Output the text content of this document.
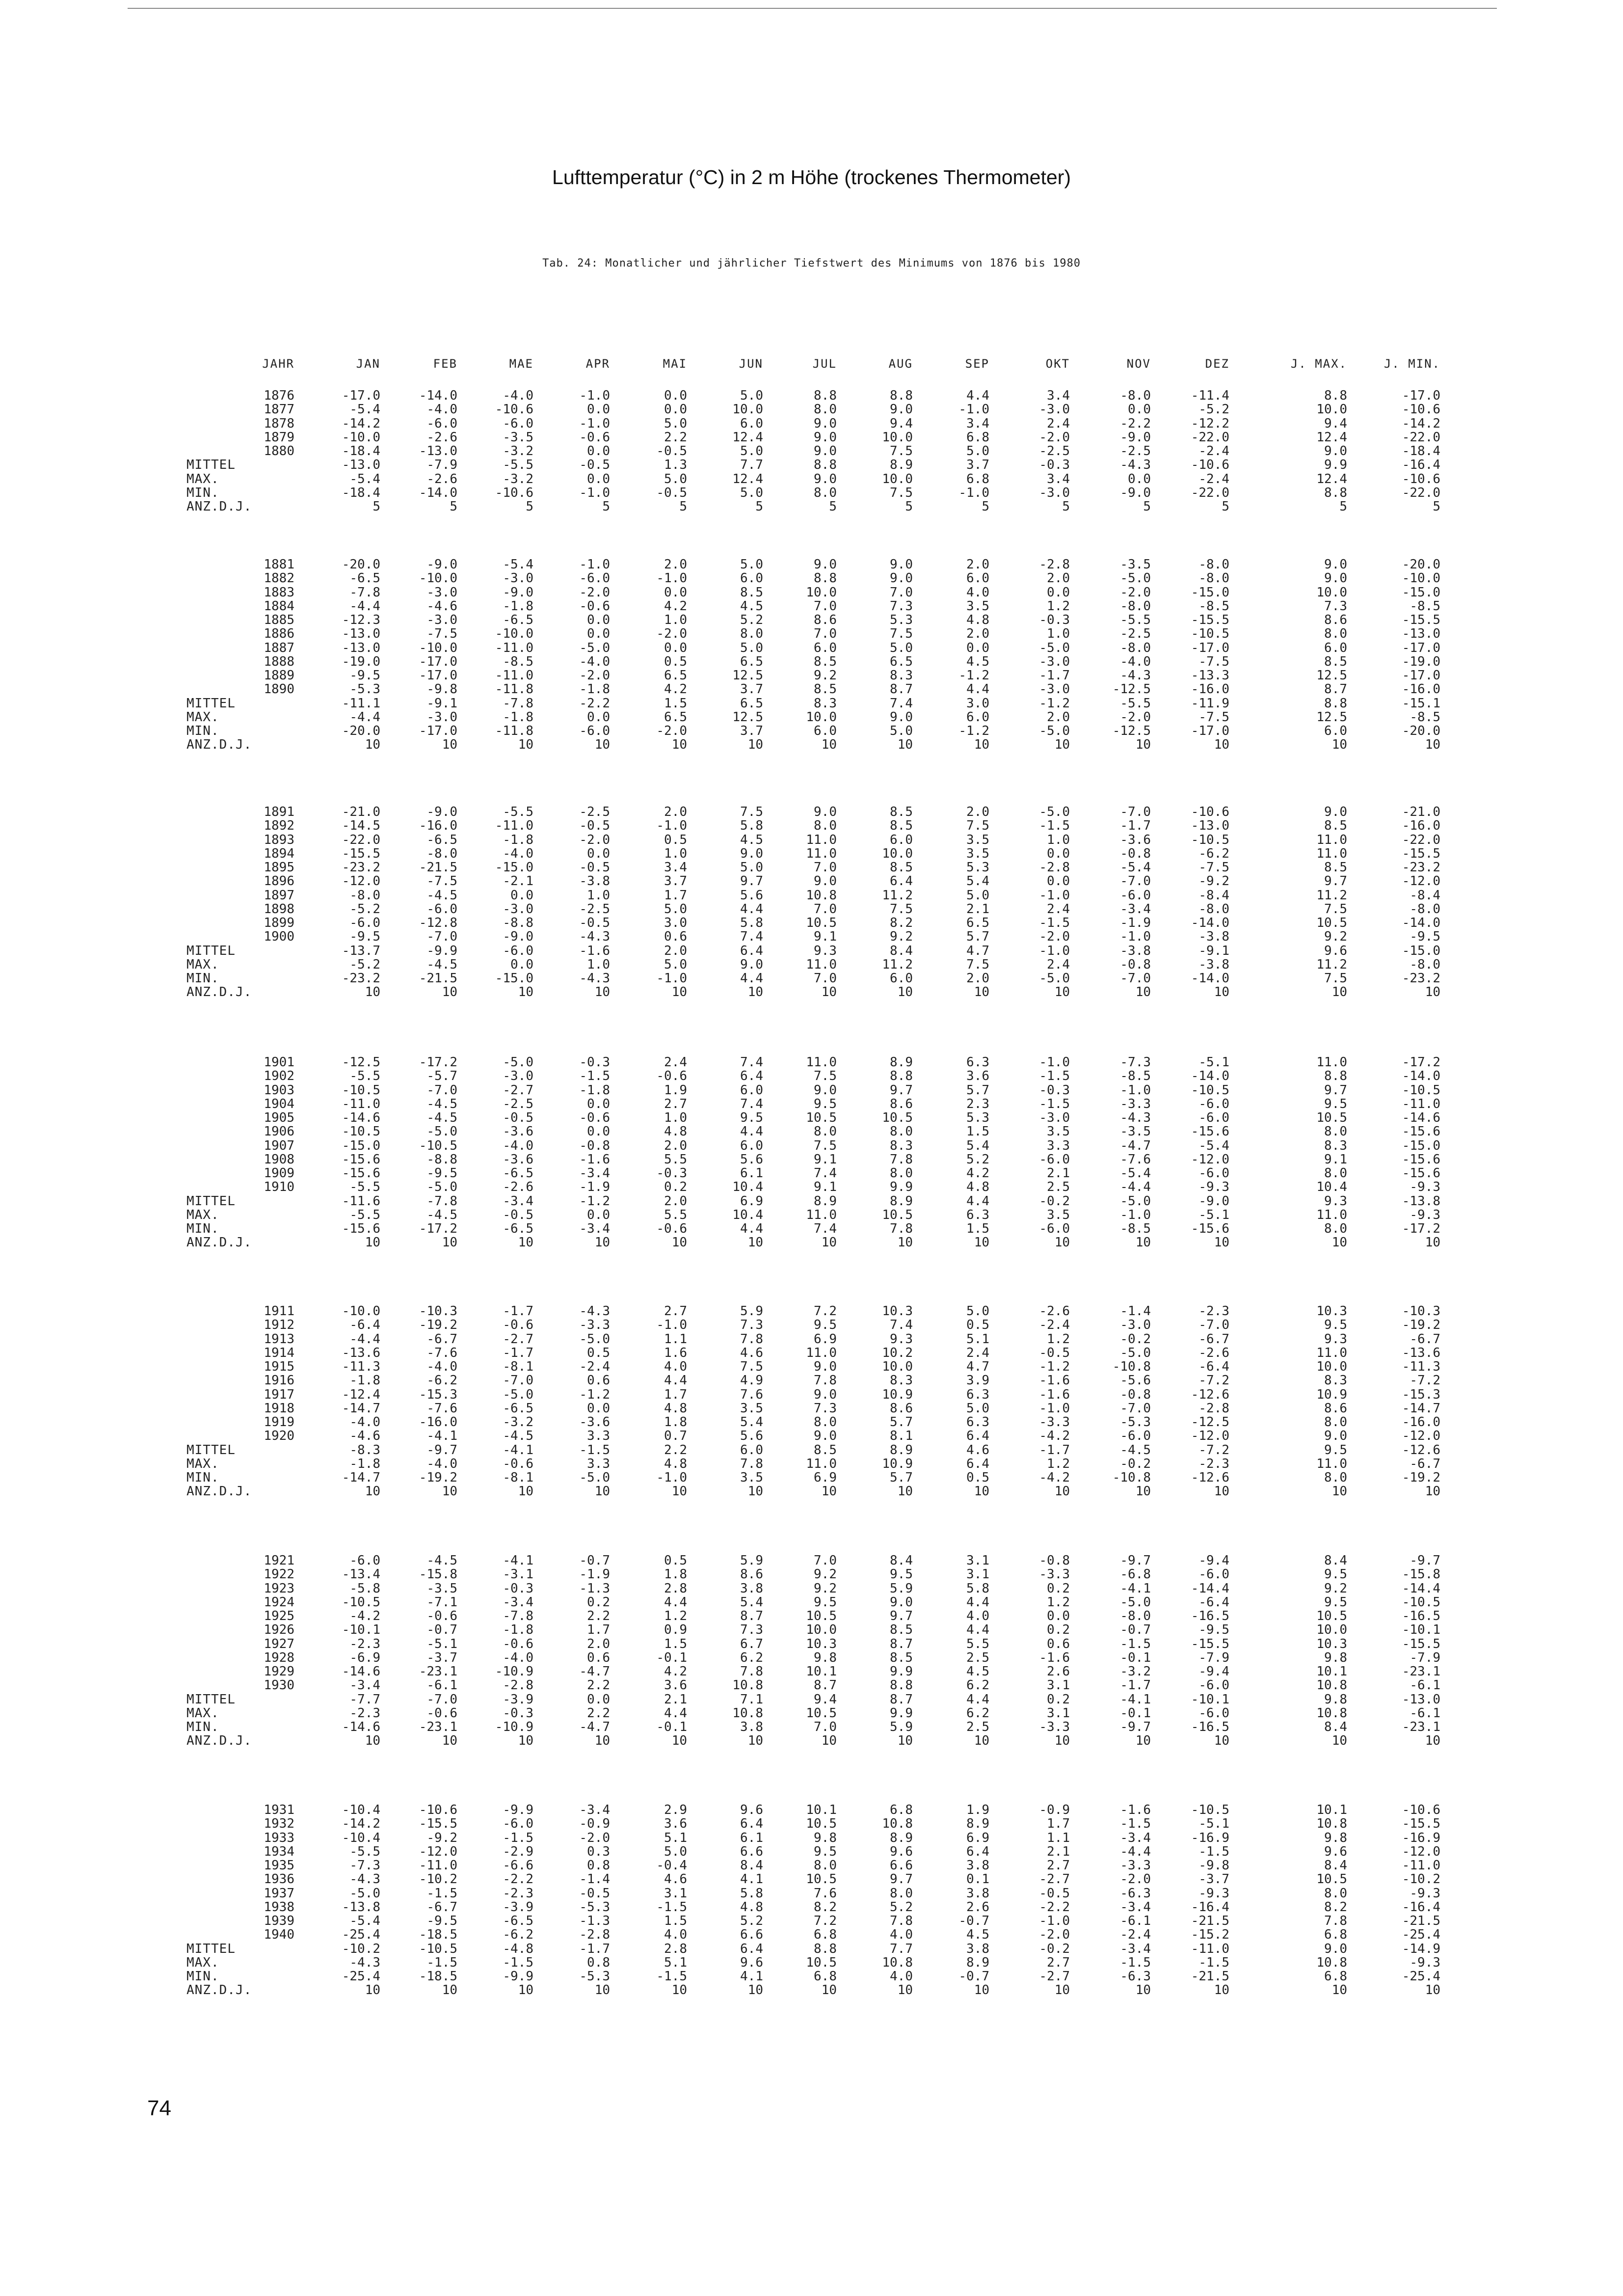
Lufttemperatur (°C) in 2 m Höhe (trockenes Thermometer)
Tab. 24: Monatlicher und jährlicher Tiefstwert des Minimums von 1876 bis 1980
JAHR	JAN	FEB	MAE	APR	MAI	JUN	JUL	AUG	SEP	OKT	NOV	DEZ	J. MAX.	J. MIN.
1876	-17.0	-14.0	-4.0	-1.0	0.0	5.0	8.8	8.8	4.4	3.4	-8.0	-11.4	8.8	-17.0
1877	-5.4	-4.0	-10.6	0.0	0.0	10.0	8.0	9.0	-1.0	-3.0	0.0	-5.2	10.0	-10.6
1878	-14.2	-6.0	-6.0	-1.0	5.0	6.0	9.0	9.4	3.4	2.4	-2.2	-12.2	9.4	-14.2
1879	-10.0	-2.6	-3.5	-0.6	2.2	12.4	9.0	10.0	6.8	-2.0	-9.0	-22.0	12.4	-22.0
1880	-18.4	-13.0	-3.2	0.0	-0.5	5.0	9.0	7.5	5.0	-2.5	-2.5	-2.4	9.0	-18.4
MITTEL	-13.0	-7.9	-5.5	-0.5	1.3	7.7	8.8	8.9	3.7	-0.3	-4.3	-10.6	9.9	-16.4
MAX.	-5.4	-2.6	-3.2	0.0	5.0	12.4	9.0	10.0	6.8	3.4	0.0	-2.4	12.4	-10.6
MIN.	-18.4	-14.0	-10.6	-1.0	-0.5	5.0	8.0	7.5	-1.0	-3.0	-9.0	-22.0	8.8	-22.0
ANZ.D.J.	5	5	5	5	5	5	5	5	5	5	5	5	5	5
1881	-20.0	-9.0	-5.4	-1.0	2.0	5.0	9.0	9.0	2.0	-2.8	-3.5	-8.0	9.0	-20.0
1882	-6.5	-10.0	-3.0	-6.0	-1.0	6.0	8.8	9.0	6.0	2.0	-5.0	-8.0	9.0	-10.0
1883	-7.8	-3.0	-9.0	-2.0	0.0	8.5	10.0	7.0	4.0	0.0	-2.0	-15.0	10.0	-15.0
1884	-4.4	-4.6	-1.8	-0.6	4.2	4.5	7.0	7.3	3.5	1.2	-8.0	-8.5	7.3	-8.5
1885	-12.3	-3.0	-6.5	0.0	1.0	5.2	8.6	5.3	4.8	-0.3	-5.5	-15.5	8.6	-15.5
1886	-13.0	-7.5	-10.0	0.0	-2.0	8.0	7.0	7.5	2.0	1.0	-2.5	-10.5	8.0	-13.0
1887	-13.0	-10.0	-11.0	-5.0	0.0	5.0	6.0	5.0	0.0	-5.0	-8.0	-17.0	6.0	-17.0
1888	-19.0	-17.0	-8.5	-4.0	0.5	6.5	8.5	6.5	4.5	-3.0	-4.0	-7.5	8.5	-19.0
1889	-9.5	-17.0	-11.0	-2.0	6.5	12.5	9.2	8.3	-1.2	-1.7	-4.3	-13.3	12.5	-17.0
1890	-5.3	-9.8	-11.8	-1.8	4.2	3.7	8.5	8.7	4.4	-3.0	-12.5	-16.0	8.7	-16.0
MITTEL	-11.1	-9.1	-7.8	-2.2	1.5	6.5	8.3	7.4	3.0	-1.2	-5.5	-11.9	8.8	-15.1
MAX.	-4.4	-3.0	-1.8	0.0	6.5	12.5	10.0	9.0	6.0	2.0	-2.0	-7.5	12.5	-8.5
MIN.	-20.0	-17.0	-11.8	-6.0	-2.0	3.7	6.0	5.0	-1.2	-5.0	-12.5	-17.0	6.0	-20.0
ANZ.D.J.	10	10	10	10	10	10	10	10	10	10	10	10	10	10
1891	-21.0	-9.0	-5.5	-2.5	2.0	7.5	9.0	8.5	2.0	-5.0	-7.0	-10.6	9.0	-21.0
1892	-14.5	-16.0	-11.0	-0.5	-1.0	5.8	8.0	8.5	7.5	-1.5	-1.7	-13.0	8.5	-16.0
1893	-22.0	-6.5	-1.8	-2.0	0.5	4.5	11.0	6.0	3.5	1.0	-3.6	-10.5	11.0	-22.0
1894	-15.5	-8.0	-4.0	0.0	1.0	9.0	11.0	10.0	3.5	0.0	-0.8	-6.2	11.0	-15.5
1895	-23.2	-21.5	-15.0	-0.5	3.4	5.0	7.0	8.5	5.3	-2.8	-5.4	-7.5	8.5	-23.2
1896	-12.0	-7.5	-2.1	-3.8	3.7	9.7	9.0	6.4	5.4	0.0	-7.0	-9.2	9.7	-12.0
1897	-8.0	-4.5	0.0	1.0	1.7	5.6	10.8	11.2	5.0	-1.0	-6.0	-8.4	11.2	-8.4
1898	-5.2	-6.0	-3.0	-2.5	5.0	4.4	7.0	7.5	2.1	2.4	-3.4	-8.0	7.5	-8.0
1899	-6.0	-12.8	-8.8	-0.5	3.0	5.8	10.5	8.2	6.5	-1.5	-1.9	-14.0	10.5	-14.0
1900	-9.5	-7.0	-9.0	-4.3	0.6	7.4	9.1	9.2	5.7	-2.0	-1.0	-3.8	9.2	-9.5
MITTEL	-13.7	-9.9	-6.0	-1.6	2.0	6.4	9.3	8.4	4.7	-1.0	-3.8	-9.1	9.6	-15.0
MAX.	-5.2	-4.5	0.0	1.0	5.0	9.0	11.0	11.2	7.5	2.4	-0.8	-3.8	11.2	-8.0
MIN.	-23.2	-21.5	-15.0	-4.3	-1.0	4.4	7.0	6.0	2.0	-5.0	-7.0	-14.0	7.5	-23.2
ANZ.D.J.	10	10	10	10	10	10	10	10	10	10	10	10	10	10
1901	-12.5	-17.2	-5.0	-0.3	2.4	7.4	11.0	8.9	6.3	-1.0	-7.3	-5.1	11.0	-17.2
1902	-5.5	-5.7	-3.0	-1.5	-0.6	6.4	7.5	8.8	3.6	-1.5	-8.5	-14.0	8.8	-14.0
1903	-10.5	-7.0	-2.7	-1.8	1.9	6.0	9.0	9.7	5.7	-0.3	-1.0	-10.5	9.7	-10.5
1904	-11.0	-4.5	-2.5	0.0	2.7	7.4	9.5	8.6	2.3	-1.5	-3.3	-6.0	9.5	-11.0
1905	-14.6	-4.5	-0.5	-0.6	1.0	9.5	10.5	10.5	5.3	-3.0	-4.3	-6.0	10.5	-14.6
1906	-10.5	-5.0	-3.6	0.0	4.8	4.4	8.0	8.0	1.5	3.5	-3.5	-15.6	8.0	-15.6
1907	-15.0	-10.5	-4.0	-0.8	2.0	6.0	7.5	8.3	5.4	3.3	-4.7	-5.4	8.3	-15.0
1908	-15.6	-8.8	-3.6	-1.6	5.5	5.6	9.1	7.8	5.2	-6.0	-7.6	-12.0	9.1	-15.6
1909	-15.6	-9.5	-6.5	-3.4	-0.3	6.1	7.4	8.0	4.2	2.1	-5.4	-6.0	8.0	-15.6
1910	-5.5	-5.0	-2.6	-1.9	0.2	10.4	9.1	9.9	4.8	2.5	-4.4	-9.3	10.4	-9.3
MITTEL	-11.6	-7.8	-3.4	-1.2	2.0	6.9	8.9	8.9	4.4	-0.2	-5.0	-9.0	9.3	-13.8
MAX.	-5.5	-4.5	-0.5	0.0	5.5	10.4	11.0	10.5	6.3	3.5	-1.0	-5.1	11.0	-9.3
MIN.	-15.6	-17.2	-6.5	-3.4	-0.6	4.4	7.4	7.8	1.5	-6.0	-8.5	-15.6	8.0	-17.2
ANZ.D.J.	10	10	10	10	10	10	10	10	10	10	10	10	10	10
1911	-10.0	-10.3	-1.7	-4.3	2.7	5.9	7.2	10.3	5.0	-2.6	-1.4	-2.3	10.3	-10.3
1912	-6.4	-19.2	-0.6	-3.3	-1.0	7.3	9.5	7.4	0.5	-2.4	-3.0	-7.0	9.5	-19.2
1913	-4.4	-6.7	-2.7	-5.0	1.1	7.8	6.9	9.3	5.1	1.2	-0.2	-6.7	9.3	-6.7
1914	-13.6	-7.6	-1.7	0.5	1.6	4.6	11.0	10.2	2.4	-0.5	-5.0	-2.6	11.0	-13.6
1915	-11.3	-4.0	-8.1	-2.4	4.0	7.5	9.0	10.0	4.7	-1.2	-10.8	-6.4	10.0	-11.3
1916	-1.8	-6.2	-7.0	0.6	4.4	4.9	7.8	8.3	3.9	-1.6	-5.6	-7.2	8.3	-7.2
1917	-12.4	-15.3	-5.0	-1.2	1.7	7.6	9.0	10.9	6.3	-1.6	-0.8	-12.6	10.9	-15.3
1918	-14.7	-7.6	-6.5	0.0	4.8	3.5	7.3	8.6	5.0	-1.0	-7.0	-2.8	8.6	-14.7
1919	-4.0	-16.0	-3.2	-3.6	1.8	5.4	8.0	5.7	6.3	-3.3	-5.3	-12.5	8.0	-16.0
1920	-4.6	-4.1	-4.5	3.3	0.7	5.6	9.0	8.1	6.4	-4.2	-6.0	-12.0	9.0	-12.0
MITTEL	-8.3	-9.7	-4.1	-1.5	2.2	6.0	8.5	8.9	4.6	-1.7	-4.5	-7.2	9.5	-12.6
MAX.	-1.8	-4.0	-0.6	3.3	4.8	7.8	11.0	10.9	6.4	1.2	-0.2	-2.3	11.0	-6.7
MIN.	-14.7	-19.2	-8.1	-5.0	-1.0	3.5	6.9	5.7	0.5	-4.2	-10.8	-12.6	8.0	-19.2
ANZ.D.J.	10	10	10	10	10	10	10	10	10	10	10	10	10	10
1921	-6.0	-4.5	-4.1	-0.7	0.5	5.9	7.0	8.4	3.1	-0.8	-9.7	-9.4	8.4	-9.7
1922	-13.4	-15.8	-3.1	-1.9	1.8	8.6	9.2	9.5	3.1	-3.3	-6.8	-6.0	9.5	-15.8
1923	-5.8	-3.5	-0.3	-1.3	2.8	3.8	9.2	5.9	5.8	0.2	-4.1	-14.4	9.2	-14.4
1924	-10.5	-7.1	-3.4	0.2	4.4	5.4	9.5	9.0	4.4	1.2	-5.0	-6.4	9.5	-10.5
1925	-4.2	-0.6	-7.8	2.2	1.2	8.7	10.5	9.7	4.0	0.0	-8.0	-16.5	10.5	-16.5
1926	-10.1	-0.7	-1.8	1.7	0.9	7.3	10.0	8.5	4.4	0.2	-0.7	-9.5	10.0	-10.1
1927	-2.3	-5.1	-0.6	2.0	1.5	6.7	10.3	8.7	5.5	0.6	-1.5	-15.5	10.3	-15.5
1928	-6.9	-3.7	-4.0	0.6	-0.1	6.2	9.8	8.5	2.5	-1.6	-0.1	-7.9	9.8	-7.9
1929	-14.6	-23.1	-10.9	-4.7	4.2	7.8	10.1	9.9	4.5	2.6	-3.2	-9.4	10.1	-23.1
1930	-3.4	-6.1	-2.8	2.2	3.6	10.8	8.7	8.8	6.2	3.1	-1.7	-6.0	10.8	-6.1
MITTEL	-7.7	-7.0	-3.9	0.0	2.1	7.1	9.4	8.7	4.4	0.2	-4.1	-10.1	9.8	-13.0
MAX.	-2.3	-0.6	-0.3	2.2	4.4	10.8	10.5	9.9	6.2	3.1	-0.1	-6.0	10.8	-6.1
MIN.	-14.6	-23.1	-10.9	-4.7	-0.1	3.8	7.0	5.9	2.5	-3.3	-9.7	-16.5	8.4	-23.1
ANZ.D.J.	10	10	10	10	10	10	10	10	10	10	10	10	10	10
1931	-10.4	-10.6	-9.9	-3.4	2.9	9.6	10.1	6.8	1.9	-0.9	-1.6	-10.5	10.1	-10.6
1932	-14.2	-15.5	-6.0	-0.9	3.6	6.4	10.5	10.8	8.9	1.7	-1.5	-5.1	10.8	-15.5
1933	-10.4	-9.2	-1.5	-2.0	5.1	6.1	9.8	8.9	6.9	1.1	-3.4	-16.9	9.8	-16.9
1934	-5.5	-12.0	-2.9	0.3	5.0	6.6	9.5	9.6	6.4	2.1	-4.4	-1.5	9.6	-12.0
1935	-7.3	-11.0	-6.6	0.8	-0.4	8.4	8.0	6.6	3.8	2.7	-3.3	-9.8	8.4	-11.0
1936	-4.3	-10.2	-2.2	-1.4	4.6	4.1	10.5	9.7	0.1	-2.7	-2.0	-3.7	10.5	-10.2
1937	-5.0	-1.5	-2.3	-0.5	3.1	5.8	7.6	8.0	3.8	-0.5	-6.3	-9.3	8.0	-9.3
1938	-13.8	-6.7	-3.9	-5.3	-1.5	4.8	8.2	5.2	2.6	-2.2	-3.4	-16.4	8.2	-16.4
1939	-5.4	-9.5	-6.5	-1.3	1.5	5.2	7.2	7.8	-0.7	-1.0	-6.1	-21.5	7.8	-21.5
1940	-25.4	-18.5	-6.2	-2.8	4.0	6.6	6.8	4.0	4.5	-2.0	-2.4	-15.2	6.8	-25.4
MITTEL	-10.2	-10.5	-4.8	-1.7	2.8	6.4	8.8	7.7	3.8	-0.2	-3.4	-11.0	9.0	-14.9
MAX.	-4.3	-1.5	-1.5	0.8	5.1	9.6	10.5	10.8	8.9	2.7	-1.5	-1.5	10.8	-9.3
MIN.	-25.4	-18.5	-9.9	-5.3	-1.5	4.1	6.8	4.0	-0.7	-2.7	-6.3	-21.5	6.8	-25.4
ANZ.D.J.	10	10	10	10	10	10	10	10	10	10	10	10	10	10
74
